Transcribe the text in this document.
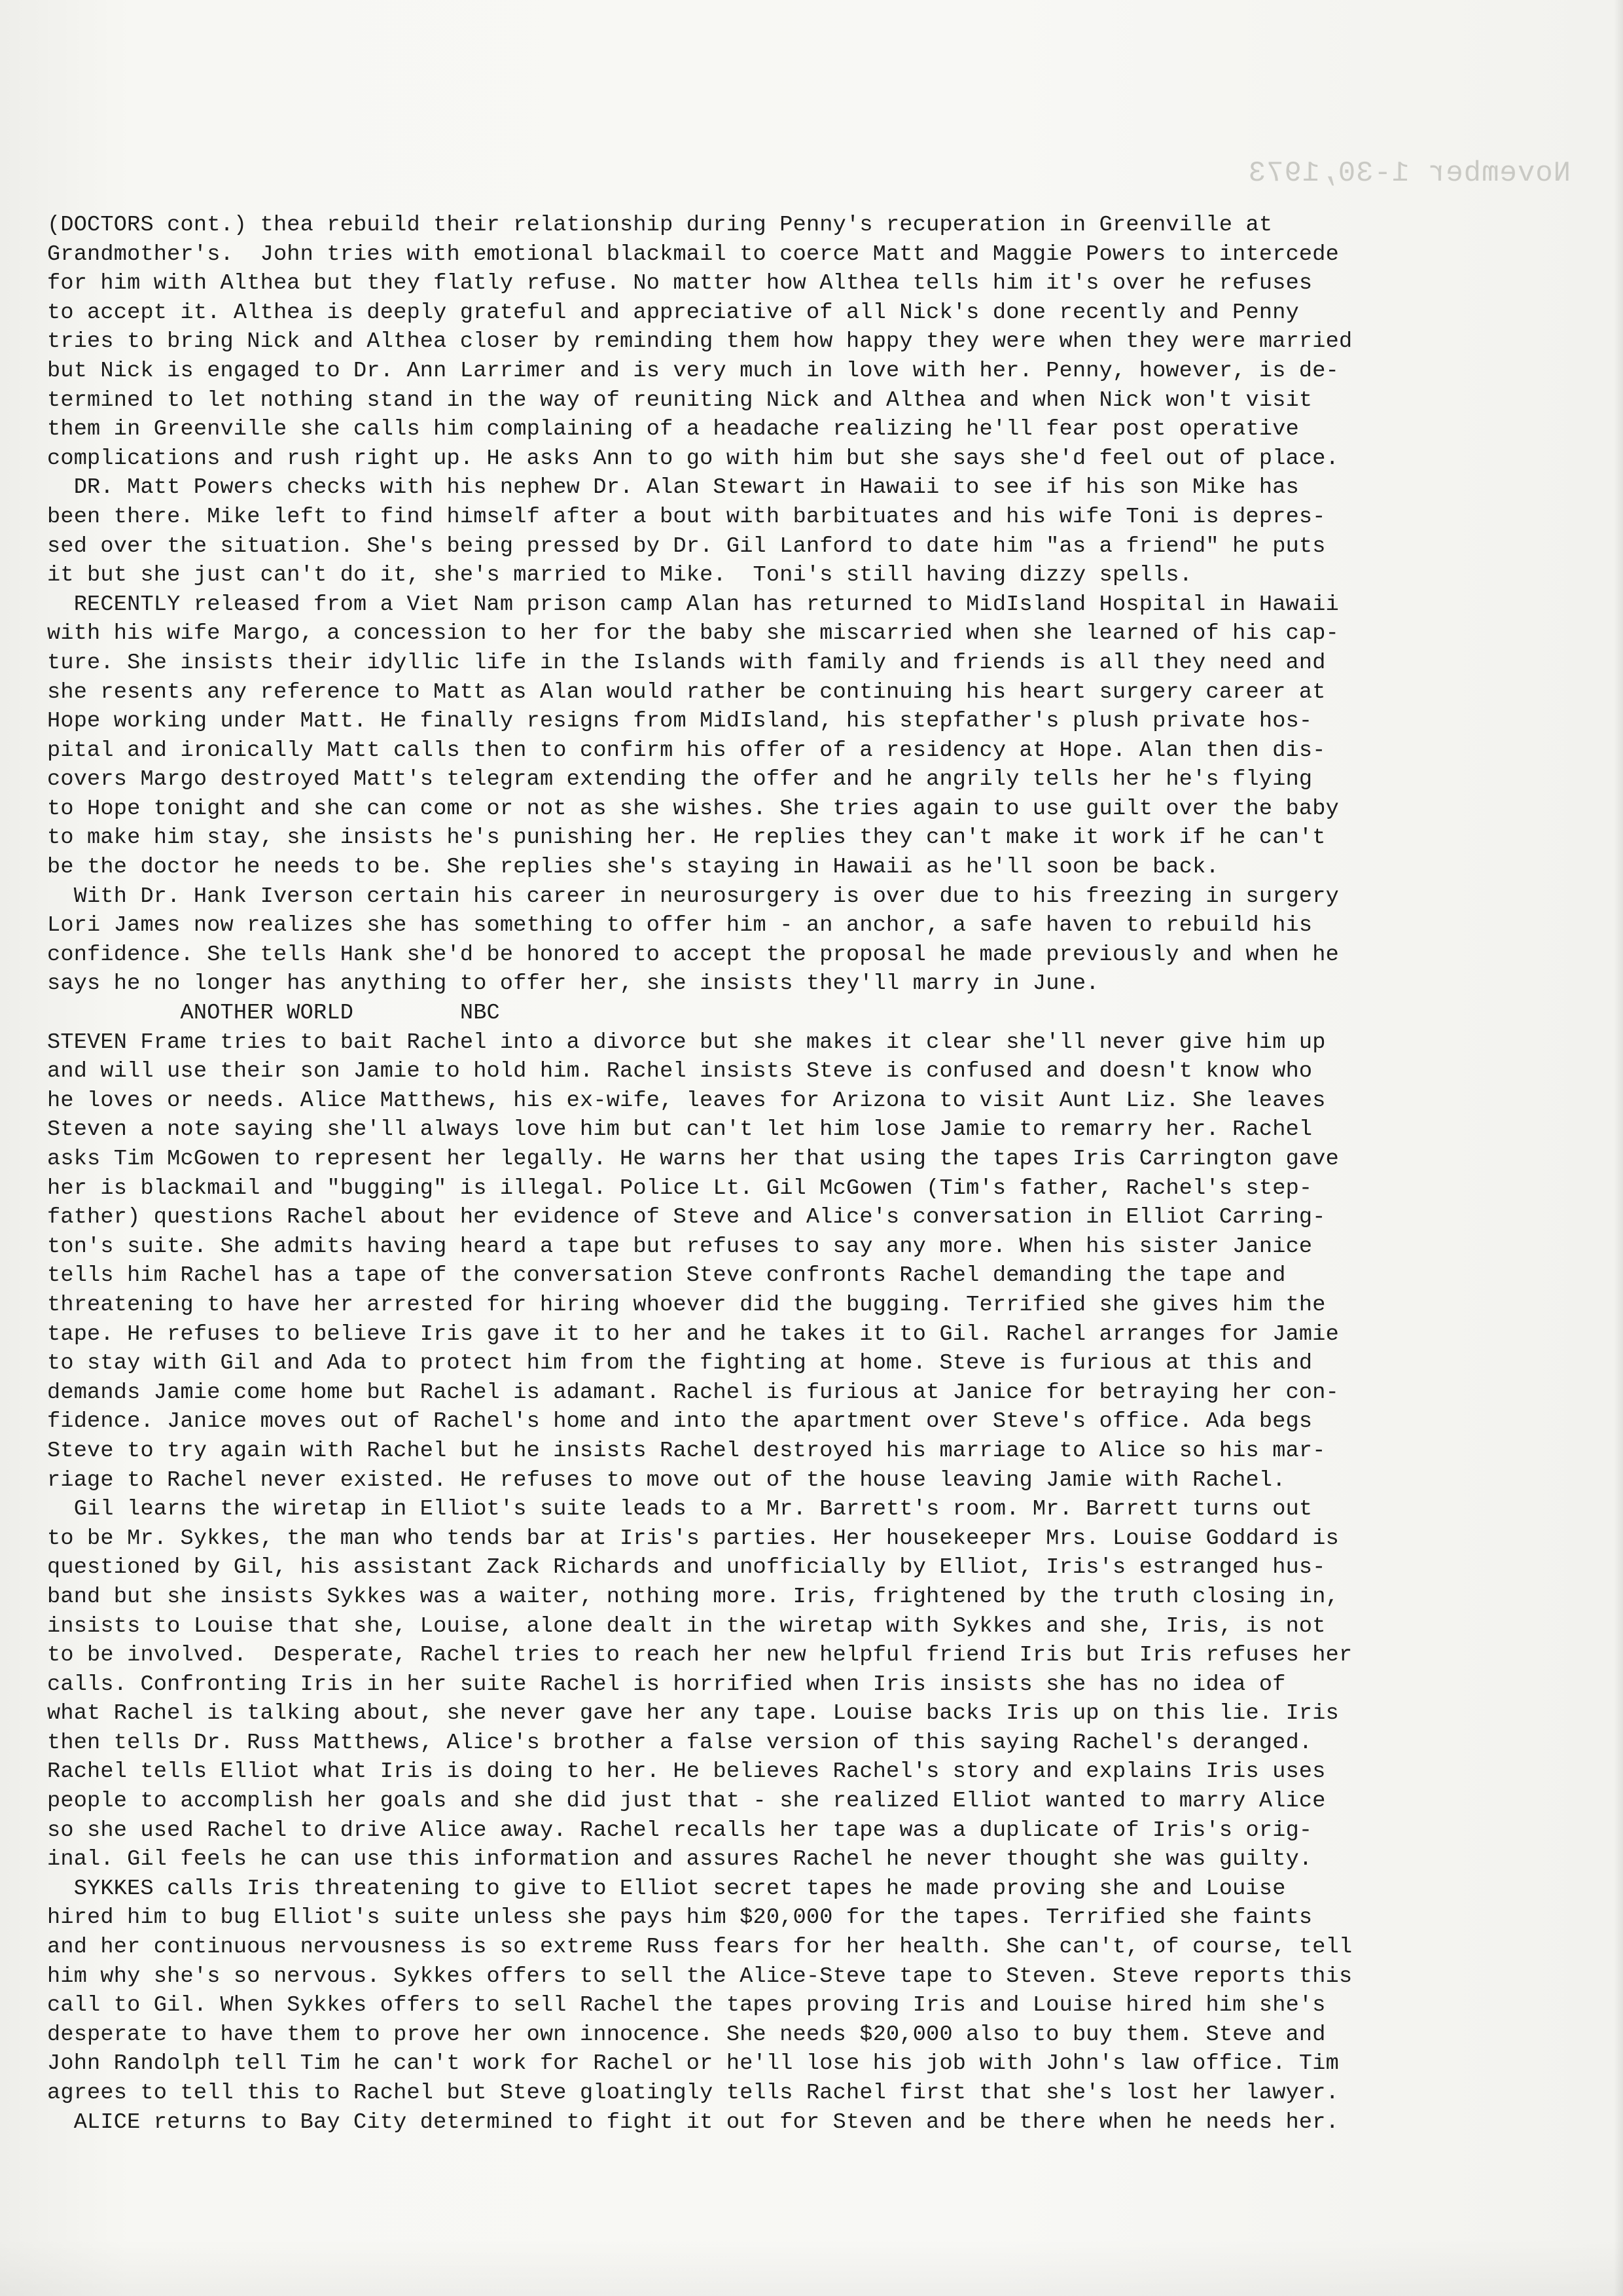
November 1-30,1973
(DOCTORS cont.) thea rebuild their relationship during Penny's recuperation in Greenville at
Grandmother's.  John tries with emotional blackmail to coerce Matt and Maggie Powers to intercede
for him with Althea but they flatly refuse. No matter how Althea tells him it's over he refuses
to accept it. Althea is deeply grateful and appreciative of all Nick's done recently and Penny
tries to bring Nick and Althea closer by reminding them how happy they were when they were married
but Nick is engaged to Dr. Ann Larrimer and is very much in love with her. Penny, however, is de-
termined to let nothing stand in the way of reuniting Nick and Althea and when Nick won't visit
them in Greenville she calls him complaining of a headache realizing he'll fear post operative
complications and rush right up. He asks Ann to go with him but she says she'd feel out of place.
DR. Matt Powers checks with his nephew Dr. Alan Stewart in Hawaii to see if his son Mike has
been there. Mike left to find himself after a bout with barbituates and his wife Toni is depres-
sed over the situation. She's being pressed by Dr. Gil Lanford to date him "as a friend" he puts
it but she just can't do it, she's married to Mike.  Toni's still having dizzy spells.
RECENTLY released from a Viet Nam prison camp Alan has returned to MidIsland Hospital in Hawaii
with his wife Margo, a concession to her for the baby she miscarried when she learned of his cap-
ture. She insists their idyllic life in the Islands with family and friends is all they need and
she resents any reference to Matt as Alan would rather be continuing his heart surgery career at
Hope working under Matt. He finally resigns from MidIsland, his stepfather's plush private hos-
pital and ironically Matt calls then to confirm his offer of a residency at Hope. Alan then dis-
covers Margo destroyed Matt's telegram extending the offer and he angrily tells her he's flying
to Hope tonight and she can come or not as she wishes. She tries again to use guilt over the baby
to make him stay, she insists he's punishing her. He replies they can't make it work if he can't
be the doctor he needs to be. She replies she's staying in Hawaii as he'll soon be back.
With Dr. Hank Iverson certain his career in neurosurgery is over due to his freezing in surgery
Lori James now realizes she has something to offer him - an anchor, a safe haven to rebuild his
confidence. She tells Hank she'd be honored to accept the proposal he made previously and when he
says he no longer has anything to offer her, she insists they'll marry in June.
ANOTHER WORLD        NBC
STEVEN Frame tries to bait Rachel into a divorce but she makes it clear she'll never give him up
and will use their son Jamie to hold him. Rachel insists Steve is confused and doesn't know who
he loves or needs. Alice Matthews, his ex-wife, leaves for Arizona to visit Aunt Liz. She leaves
Steven a note saying she'll always love him but can't let him lose Jamie to remarry her. Rachel
asks Tim McGowen to represent her legally. He warns her that using the tapes Iris Carrington gave
her is blackmail and "bugging" is illegal. Police Lt. Gil McGowen (Tim's father, Rachel's step-
father) questions Rachel about her evidence of Steve and Alice's conversation in Elliot Carring-
ton's suite. She admits having heard a tape but refuses to say any more. When his sister Janice
tells him Rachel has a tape of the conversation Steve confronts Rachel demanding the tape and
threatening to have her arrested for hiring whoever did the bugging. Terrified she gives him the
tape. He refuses to believe Iris gave it to her and he takes it to Gil. Rachel arranges for Jamie
to stay with Gil and Ada to protect him from the fighting at home. Steve is furious at this and
demands Jamie come home but Rachel is adamant. Rachel is furious at Janice for betraying her con-
fidence. Janice moves out of Rachel's home and into the apartment over Steve's office. Ada begs
Steve to try again with Rachel but he insists Rachel destroyed his marriage to Alice so his mar-
riage to Rachel never existed. He refuses to move out of the house leaving Jamie with Rachel.
Gil learns the wiretap in Elliot's suite leads to a Mr. Barrett's room. Mr. Barrett turns out
to be Mr. Sykkes, the man who tends bar at Iris's parties. Her housekeeper Mrs. Louise Goddard is
questioned by Gil, his assistant Zack Richards and unofficially by Elliot, Iris's estranged hus-
band but she insists Sykkes was a waiter, nothing more. Iris, frightened by the truth closing in,
insists to Louise that she, Louise, alone dealt in the wiretap with Sykkes and she, Iris, is not
to be involved.  Desperate, Rachel tries to reach her new helpful friend Iris but Iris refuses her
calls. Confronting Iris in her suite Rachel is horrified when Iris insists she has no idea of
what Rachel is talking about, she never gave her any tape. Louise backs Iris up on this lie. Iris
then tells Dr. Russ Matthews, Alice's brother a false version of this saying Rachel's deranged.
Rachel tells Elliot what Iris is doing to her. He believes Rachel's story and explains Iris uses
people to accomplish her goals and she did just that - she realized Elliot wanted to marry Alice
so she used Rachel to drive Alice away. Rachel recalls her tape was a duplicate of Iris's orig-
inal. Gil feels he can use this information and assures Rachel he never thought she was guilty.
SYKKES calls Iris threatening to give to Elliot secret tapes he made proving she and Louise
hired him to bug Elliot's suite unless she pays him $20,000 for the tapes. Terrified she faints
and her continuous nervousness is so extreme Russ fears for her health. She can't, of course, tell
him why she's so nervous. Sykkes offers to sell the Alice-Steve tape to Steven. Steve reports this
call to Gil. When Sykkes offers to sell Rachel the tapes proving Iris and Louise hired him she's
desperate to have them to prove her own innocence. She needs $20,000 also to buy them. Steve and
John Randolph tell Tim he can't work for Rachel or he'll lose his job with John's law office. Tim
agrees to tell this to Rachel but Steve gloatingly tells Rachel first that she's lost her lawyer.
ALICE returns to Bay City determined to fight it out for Steven and be there when he needs her.
